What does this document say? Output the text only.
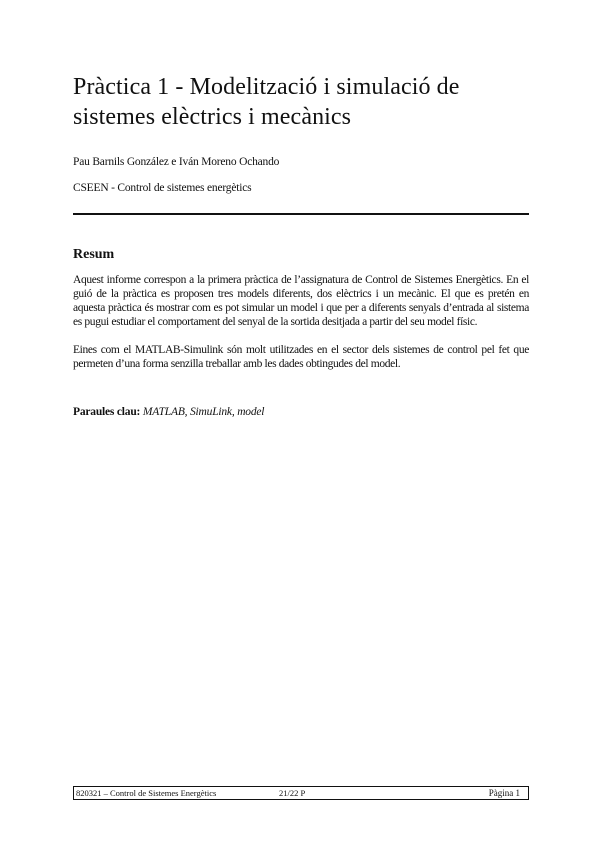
Pràctica 1 - Modelització i simulació de sistemes elèctrics i mecànics
Pau Barnils González e Iván Moreno Ochando
CSEEN - Control de sistemes energètics
Resum

Aquest informe correspon a la primera pràctica de l’assignatura de Control de Sistemes Energètics. En el guió de la pràctica es proposen tres models diferents, dos elèctrics i un mecànic. El que es pretén en aquesta pràctica és mostrar com es pot simular un model i que per a diferents senyals d’entrada al sistema es pugui estudiar el comportament del senyal de la sortida desitjada a partir del seu model físic.

Eines com el MATLAB-Simulink són molt utilitzades en el sector dels sistemes de control pel fet que permeten d’una forma senzilla treballar amb les dades obtingudes del model.

Paraules clau: MATLAB, SimuLink, model
820321 – Control de Sistemes Energètics	21/22 P	Pàgina 1
